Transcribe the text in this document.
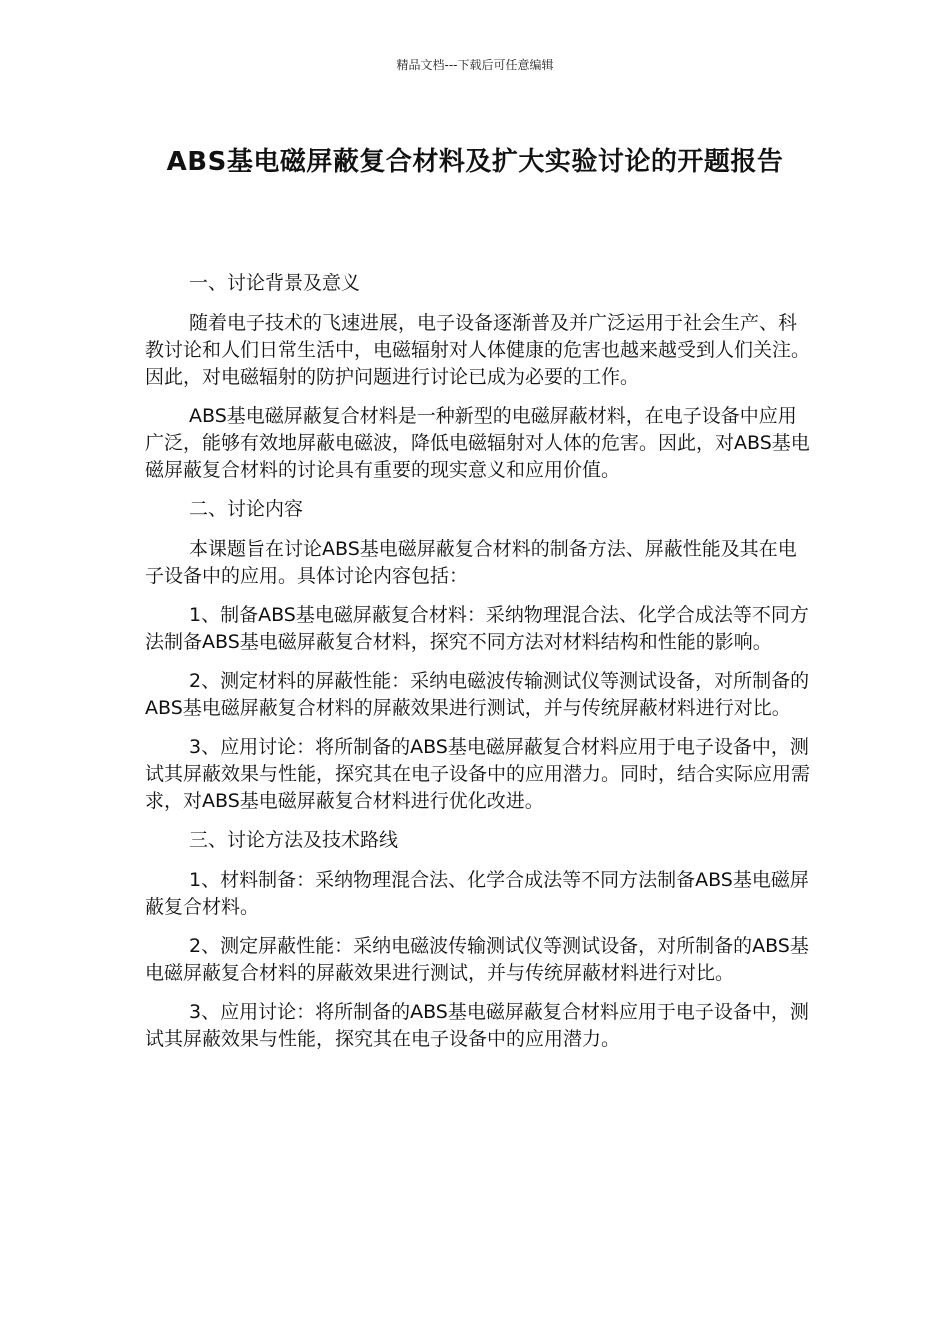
精品文档---下载后可任意编辑
ABS基电磁屏蔽复合材料及扩大实验讨论的开题报告

一、讨论背景及意义

随着电子技术的飞速进展，电子设备逐渐普及并广泛运用于社会生产、科教讨论和人们日常生活中，电磁辐射对人体健康的危害也越来越受到人们关注。因此，对电磁辐射的防护问题进行讨论已成为必要的工作。

ABS基电磁屏蔽复合材料是一种新型的电磁屏蔽材料，在电子设备中应用广泛，能够有效地屏蔽电磁波，降低电磁辐射对人体的危害。因此，对ABS基电磁屏蔽复合材料的讨论具有重要的现实意义和应用价值。

二、讨论内容

本课题旨在讨论ABS基电磁屏蔽复合材料的制备方法、屏蔽性能及其在电子设备中的应用。具体讨论内容包括：

1、制备ABS基电磁屏蔽复合材料：采纳物理混合法、化学合成法等不同方法制备ABS基电磁屏蔽复合材料，探究不同方法对材料结构和性能的影响。

2、测定材料的屏蔽性能：采纳电磁波传输测试仪等测试设备，对所制备的ABS基电磁屏蔽复合材料的屏蔽效果进行测试，并与传统屏蔽材料进行对比。

3、应用讨论：将所制备的ABS基电磁屏蔽复合材料应用于电子设备中，测试其屏蔽效果与性能，探究其在电子设备中的应用潜力。同时，结合实际应用需求，对ABS基电磁屏蔽复合材料进行优化改进。

三、讨论方法及技术路线

1、材料制备：采纳物理混合法、化学合成法等不同方法制备ABS基电磁屏蔽复合材料。

2、测定屏蔽性能：采纳电磁波传输测试仪等测试设备，对所制备的ABS基电磁屏蔽复合材料的屏蔽效果进行测试，并与传统屏蔽材料进行对比。

3、应用讨论：将所制备的ABS基电磁屏蔽复合材料应用于电子设备中，测试其屏蔽效果与性能，探究其在电子设备中的应用潜力。
